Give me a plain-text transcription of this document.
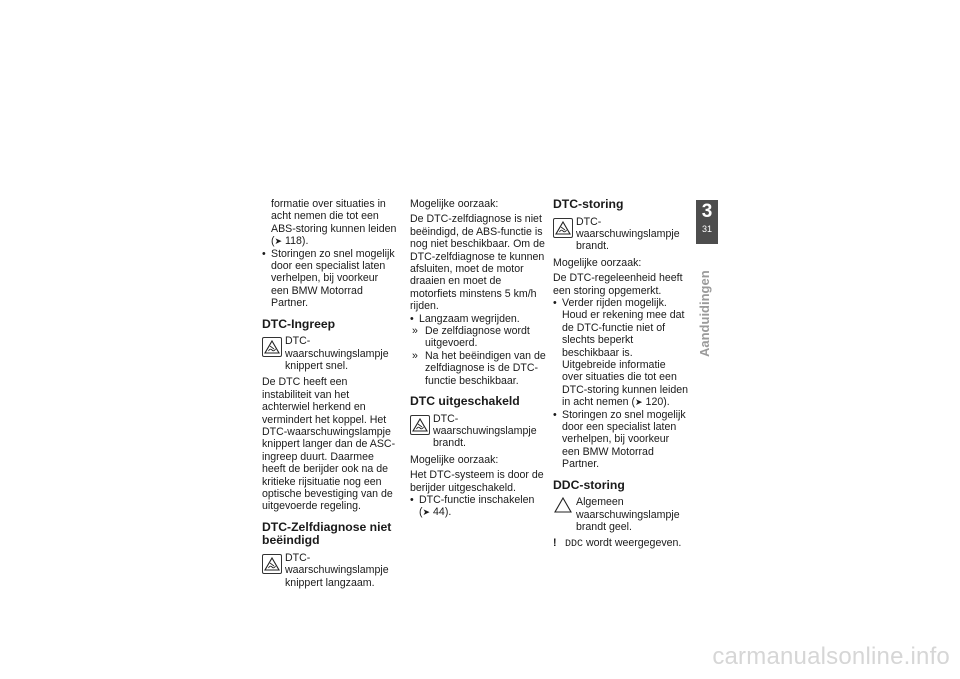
formatie over situaties in acht nemen die tot een ABS-storing kunnen leiden (➤ 118).
• Storingen zo snel mogelijk door een specialist laten verhelpen, bij voorkeur een BMW Motorrad Partner.
DTC-Ingreep
DTC-waarschuwingslampje knippert snel.

De DTC heeft een instabiliteit van het achterwiel herkend en vermindert het koppel. Het DTC-waarschuwingslampje knippert langer dan de ASC-ingreep duurt. Daarmee heeft de berijder ook na de kritieke rijsituatie nog een optische bevestiging van de uitgevoerde regeling.

DTC-Zelfdiagnose niet beëindigd
DTC-waarschuwingslampje knippert langzaam.

Mogelijke oorzaak:

De DTC-zelfdiagnose is niet beëindigd, de ABS-functie is nog niet beschikbaar. Om de DTC-zelfdiagnose te kunnen afsluiten, moet de motor draaien en moet de motorfiets minstens 5 km/h rijden.

• Langzaam wegrijden.
» De zelfdiagnose wordt uitgevoerd.
» Na het beëindigen van de zelfdiagnose is de DTC-functie beschikbaar.
DTC uitgeschakeld
DTC-waarschuwingslampje brandt.

Mogelijke oorzaak:

Het DTC-systeem is door de berijder uitgeschakeld.

• DTC-functie inschakelen
(➤ 44).
DTC-storing
DTC-waarschuwingslampje brandt.

Mogelijke oorzaak:

De DTC-regeleenheid heeft een storing opgemerkt.

• Verder rijden mogelijk. Houd er rekening mee dat de DTC-functie niet of slechts beperkt beschikbaar is. Uitgebreide informatie over situaties die tot een DTC-storing kunnen leiden in acht nemen (➤ 120).
• Storingen zo snel mogelijk door een specialist laten verhelpen, bij voorkeur een BMW Motorrad Partner.
DDC-storing
Algemeen waarschuwingslampje brandt geel.
! DDC wordt weergegeven.
3
31
Aanduidingen
carmanualsonline.info
